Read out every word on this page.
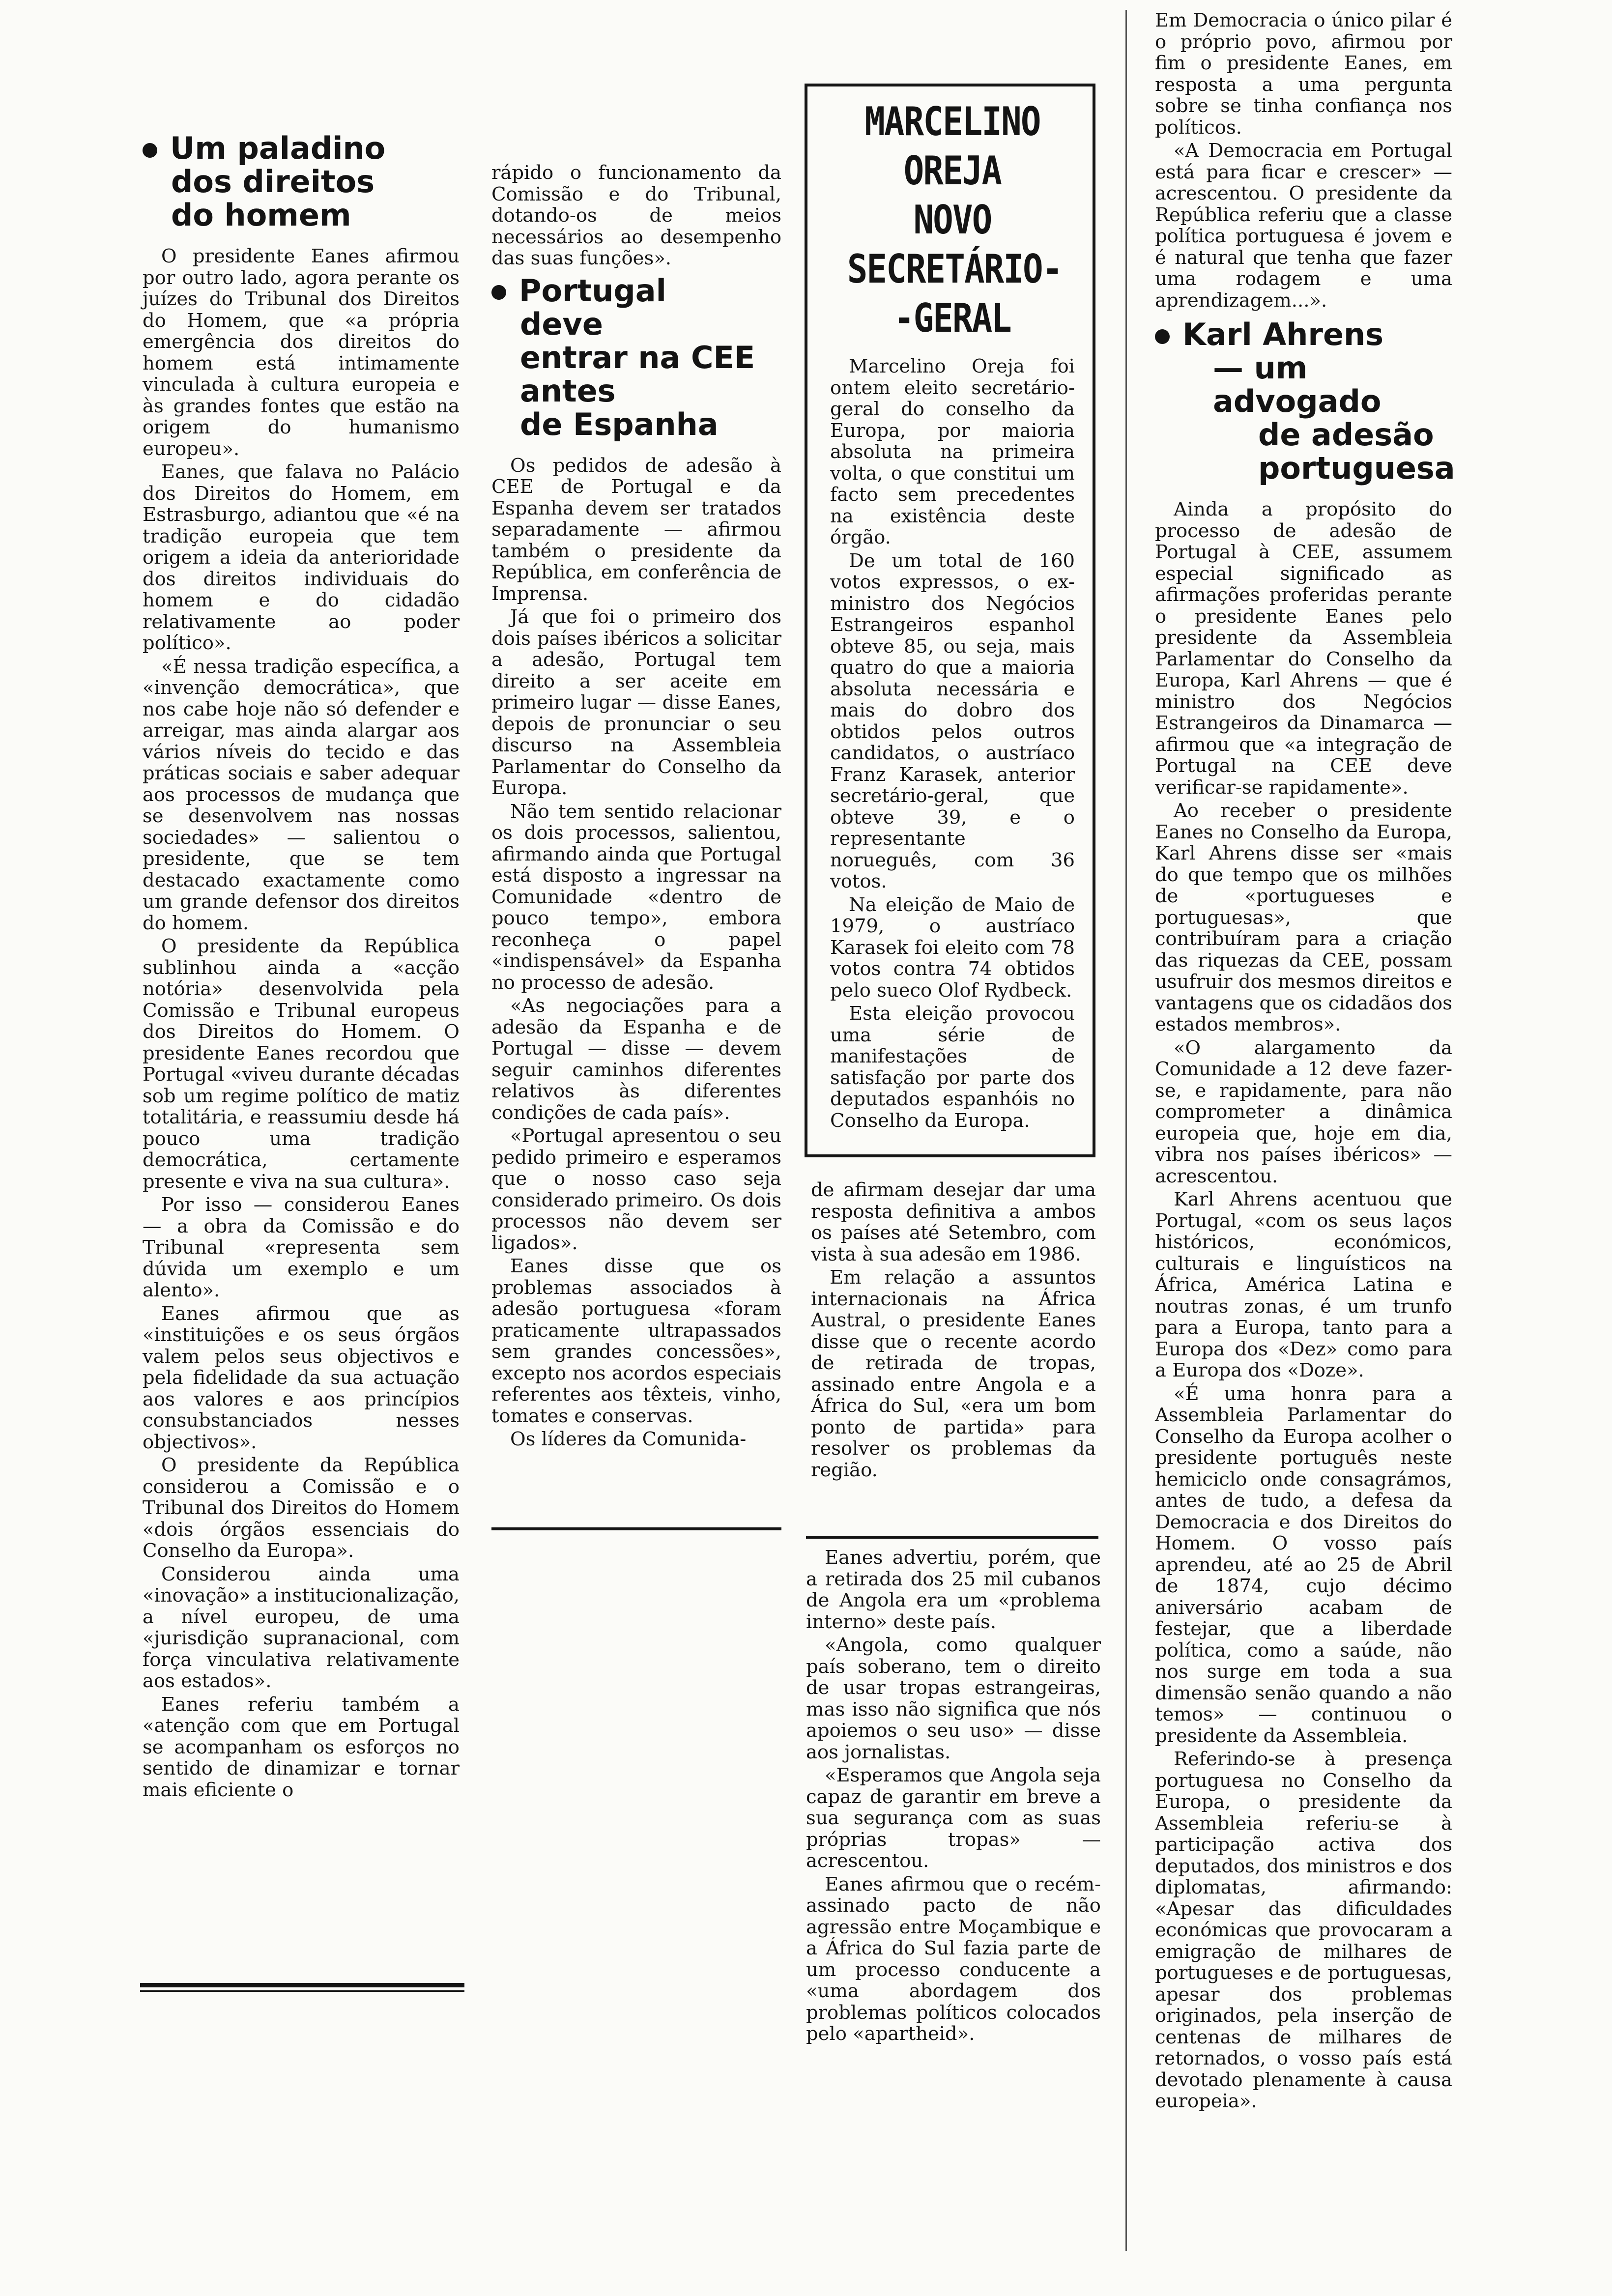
Um paladino
dos direitos
do homem

O presidente Eanes afirmou por outro lado, agora perante os juízes do Tribunal dos Direitos do Homem, que «a própria emergência dos direitos do homem está intimamente vinculada à cultura europeia e às grandes fontes que estão na origem do humanismo europeu».

Eanes, que falava no Palácio dos Direitos do Homem, em Estrasburgo, adiantou que «é na tradição europeia que tem origem a ideia da anterioridade dos direitos individuais do homem e do cidadão relativamente ao poder político».

«É nessa tradição específica, a «invenção democrática», que nos cabe hoje não só defender e arreigar, mas ainda alargar aos vários níveis do tecido e das práticas sociais e saber adequar aos processos de mudança que se desenvolvem nas nossas sociedades» — salientou o presidente, que se tem destacado exactamente como um grande defensor dos direitos do homem.

O presidente da República sublinhou ainda a «acção notória» desenvolvida pela Comissão e Tribunal europeus dos Direitos do Homem. O presidente Eanes recordou que Portugal «viveu durante décadas sob um regime político de matiz totalitária, e reassumiu desde há pouco uma tradição democrática, certamente presente e viva na sua cultura».

Por isso — considerou Eanes — a obra da Comissão e do Tribunal «representa sem dúvida um exemplo e um alento».

Eanes afirmou que as «instituições e os seus órgãos valem pelos seus objectivos e pela fidelidade da sua actuação aos valores e aos princípios consubstanciados nesses objectivos».

O presidente da República considerou a Comissão e o Tribunal dos Direitos do Homem «dois órgãos essenciais do Conselho da Europa».

Considerou ainda uma «inovação» a institucionalização, a nível europeu, de uma «jurisdição supranacional, com força vinculativa relativamente aos estados».

Eanes referiu também a «atenção com que em Portugal se acompanham os esforços no sentido de dinamizar e tornar mais eficiente o

rápido o funcionamento da Comissão e do Tribunal, dotando-os de meios necessários ao desempenho das suas funções».

Portugal
deve
entrar na CEE
antes
de Espanha

Os pedidos de adesão à CEE de Portugal e da Espanha devem ser tratados separadamente — afirmou também o presidente da República, em conferência de Imprensa.

Já que foi o primeiro dos dois países ibéricos a solicitar a adesão, Portugal tem direito a ser aceite em primeiro lugar — disse Eanes, depois de pronunciar o seu discurso na Assembleia Parlamentar do Conselho da Europa.

Não tem sentido relacionar os dois processos, salientou, afirmando ainda que Portugal está disposto a ingressar na Comunidade «dentro de pouco tempo», embora reconheça o papel «indispensável» da Espanha no processo de adesão.

«As negociações para a adesão da Espanha e de Portugal — disse — devem seguir caminhos diferentes relativos às diferentes condições de cada país».

«Portugal apresentou o seu pedido primeiro e esperamos que o nosso caso seja considerado primeiro. Os dois processos não devem ser ligados».

Eanes disse que os problemas associados à adesão portuguesa «foram praticamente ultrapassados sem grandes concessões», excepto nos acordos especiais referentes aos têxteis, vinho, tomates e conservas.

Os líderes da Comunida-

MARCELINO
OREJA
NOVO
SECRETÁRIO-
-GERAL

Marcelino Oreja foi ontem eleito secretário-geral do conselho da Europa, por maioria absoluta na primeira volta, o que constitui um facto sem precedentes na existência deste órgão.

De um total de 160 votos expressos, o ex-ministro dos Negócios Estrangeiros espanhol obteve 85, ou seja, mais quatro do que a maioria absoluta necessária e mais do dobro dos obtidos pelos outros candidatos, o austríaco Franz Karasek, anterior secretário-geral, que obteve 39, e o representante norueguês, com 36 votos.

Na eleição de Maio de 1979, o austríaco Karasek foi eleito com 78 votos contra 74 obtidos pelo sueco Olof Rydbeck.

Esta eleição provocou uma série de manifestações de satisfação por parte dos deputados espanhóis no Conselho da Europa.

de afirmam desejar dar uma resposta definitiva a ambos os países até Setembro, com vista à sua adesão em 1986.

Em relação a assuntos internacionais na África Austral, o presidente Eanes disse que o recente acordo de retirada de tropas, assinado entre Angola e a África do Sul, «era um bom ponto de partida» para resolver os problemas da região.

Eanes advertiu, porém, que a retirada dos 25 mil cubanos de Angola era um «problema interno» deste país.

«Angola, como qualquer país soberano, tem o direito de usar tropas estrangeiras, mas isso não significa que nós apoiemos o seu uso» — disse aos jornalistas.

«Esperamos que Angola seja capaz de garantir em breve a sua segurança com as suas próprias tropas» — acrescentou.

Eanes afirmou que o recém-assinado pacto de não agressão entre Moçambique e a África do Sul fazia parte de um processo conducente a «uma abordagem dos problemas políticos colocados pelo «apartheid».

Em Democracia o único pilar é o próprio povo, afirmou por fim o presidente Eanes, em resposta a uma pergunta sobre se tinha confiança nos políticos.

«A Democracia em Portugal está para ficar e crescer» — acrescentou. O presidente da República referiu que a classe política portuguesa é jovem e é natural que tenha que fazer uma rodagem e uma aprendizagem...».

Karl Ahrens
— um advogado
de adesão
portuguesa

Ainda a propósito do processo de adesão de Portugal à CEE, assumem especial significado as afirmações proferidas perante o presidente Eanes pelo presidente da Assembleia Parlamentar do Conselho da Europa, Karl Ahrens — que é ministro dos Negócios Estrangeiros da Dinamarca — afirmou que «a integração de Portugal na CEE deve verificar-se rapidamente».

Ao receber o presidente Eanes no Conselho da Europa, Karl Ahrens disse ser «mais do que tempo que os milhões de «portugueses e portuguesas», que contribuíram para a criação das riquezas da CEE, possam usufruir dos mesmos direitos e vantagens que os cidadãos dos estados membros».

«O alargamento da Comunidade a 12 deve fazer-se, e rapidamente, para não comprometer a dinâmica europeia que, hoje em dia, vibra nos países ibéricos» — acrescentou.

Karl Ahrens acentuou que Portugal, «com os seus laços históricos, económicos, culturais e linguísticos na África, América Latina e noutras zonas, é um trunfo para a Europa, tanto para a Europa dos «Dez» como para a Europa dos «Doze».

«É uma honra para a Assembleia Parlamentar do Conselho da Europa acolher o presidente português neste hemiciclo onde consagrámos, antes de tudo, a defesa da Democracia e dos Direitos do Homem. O vosso país aprendeu, até ao 25 de Abril de 1874, cujo décimo aniversário acabam de festejar, que a liberdade política, como a saúde, não nos surge em toda a sua dimensão senão quando a não temos» — continuou o presidente da Assembleia.

Referindo-se à presença portuguesa no Conselho da Europa, o presidente da Assembleia referiu-se à participação activa dos deputados, dos ministros e dos diplomatas, afirmando: «Apesar das dificuldades económicas que provocaram a emigração de milhares de portugueses e de portuguesas, apesar dos problemas originados, pela inserção de centenas de milhares de retornados, o vosso país está devotado plenamente à causa europeia».
